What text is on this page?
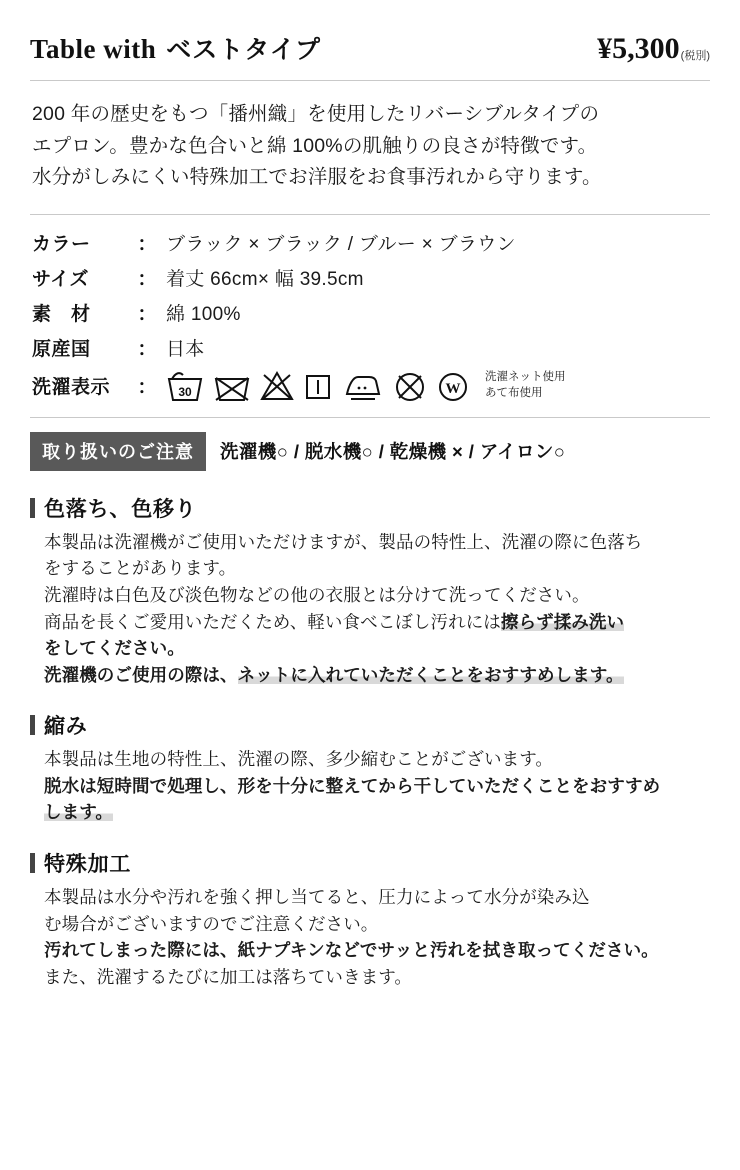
Table with ベストタイプ	¥5,300 (税別)

200 年の歴史をもつ「播州織」を使用したリバーシブルタイプの

エプロン。豊かな色合いと綿 100%の肌触りの良さが特徴です。

水分がしみにくい特殊加工でお洋服をお食事汚れから守ります。

カラー ： ブラック × ブラック / ブルー × ブラウン
サイズ	： 着丈 66cm× 幅 39.5cm
素　材 ： 綿 100%
原産国 ： 日本
洗濯表示 ： 30	W
洗濯ネット使用
あて布使用
取り扱いのご注意	洗濯機○ / 脱水機○ / 乾燥機 × / アイロン○
色落ち、色移り

本製品は洗濯機がご使用いただけますが、製品の特性上、洗濯の際に色落ち

をすることがあります。

洗濯時は白色及び淡色物などの他の衣服とは分けて洗ってください。

商品を長くご愛用いただくため、軽い食べこぼし汚れには擦らず揉み洗い

をしてください。

洗濯機のご使用の際は、ネットに入れていただくことをおすすめします。

縮み

本製品は生地の特性上、洗濯の際、多少縮むことがございます。

脱水は短時間で処理し、形を十分に整えてから干していただくことをおすすめ

します。

特殊加工

本製品は水分や汚れを強く押し当てると、圧力によって水分が染み込

む場合がございますのでご注意ください。

汚れてしまった際には、紙ナプキンなどでサッと汚れを拭き取ってください。

また、洗濯するたびに加工は落ちていきます。
